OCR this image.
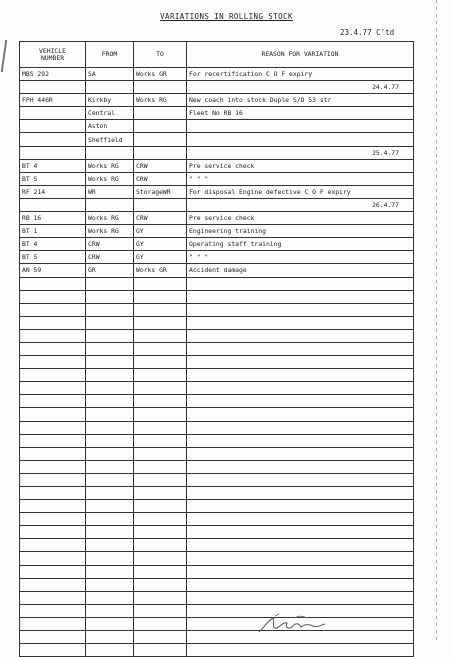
VARIATIONS IN ROLLING STOCK
23.4.77 C'td
VEHICLE
NUMBER	FROM	TO	REASON FOR VARIATION
MBS 292	SA	Works GR	For recertification C O F expiry
			24.4.77
FPH 446R	Kirkby	Works RG	New coach into stock Duple S/D 53 str
	Central		Fleet No RB 16
	Aston		
	Sheffield		
			25.4.77
BT 4	Works RG	CRW	Pre service check
BT 5	Works RG	CRW	" " "
RF 214	WR	StorageWR	For disposal Engine defective C O F expiry
			26.4.77
RB 16	Works RG	CRW	Pre service check
BT 1	Works RG	GY	Engineering training
BT 4	CRW	GY	Operating staff training
BT 5	CRW	GY	" " "
AN 59	GR	Works GR	Accident damage
